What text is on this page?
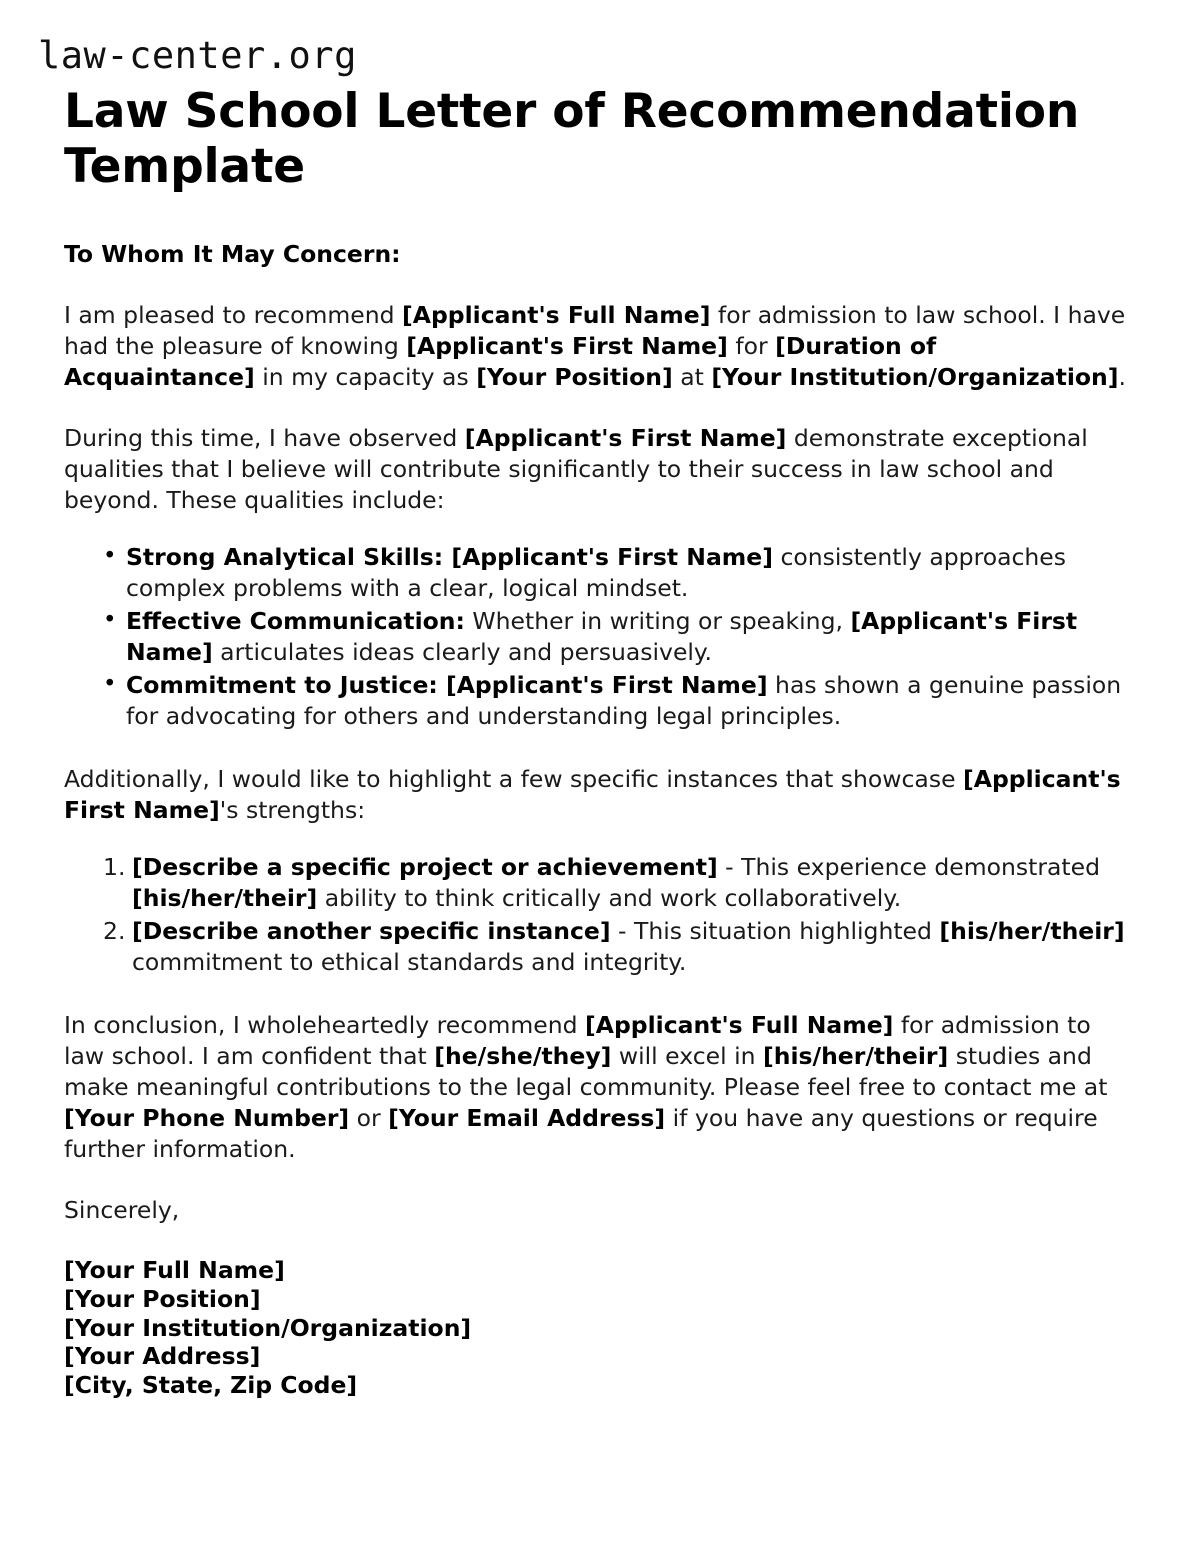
law-center.org
Law School Letter of Recommendation Template

To Whom It May Concern:

I am pleased to recommend [Applicant's Full Name] for admission to law school. I have had the pleasure of knowing [Applicant's First Name] for [Duration of Acquaintance] in my capacity as [Your Position] at [Your Institution/Organization].

During this time, I have observed [Applicant's First Name] demonstrate exceptional qualities that I believe will contribute significantly to their success in law school and beyond. These qualities include:

• Strong Analytical Skills: [Applicant's First Name] consistently approaches complex problems with a clear, logical mindset.
• Effective Communication: Whether in writing or speaking, [Applicant's First Name] articulates ideas clearly and persuasively.
• Commitment to Justice: [Applicant's First Name] has shown a genuine passion for advocating for others and understanding legal principles.

Additionally, I would like to highlight a few specific instances that showcase [Applicant's First Name]'s strengths:

[Describe a specific project or achievement] - This experience demonstrated [his/her/their] ability to think critically and work collaboratively.
[Describe another specific instance] - This situation highlighted [his/her/their] commitment to ethical standards and integrity.

In conclusion, I wholeheartedly recommend [Applicant's Full Name] for admission to law school. I am confident that [he/she/they] will excel in [his/her/their] studies and make meaningful contributions to the legal community. Please feel free to contact me at [Your Phone Number] or [Your Email Address] if you have any questions or require further information.

Sincerely,

[Your Full Name]
[Your Position]
[Your Institution/Organization]
[Your Address]
[City, State, Zip Code]
